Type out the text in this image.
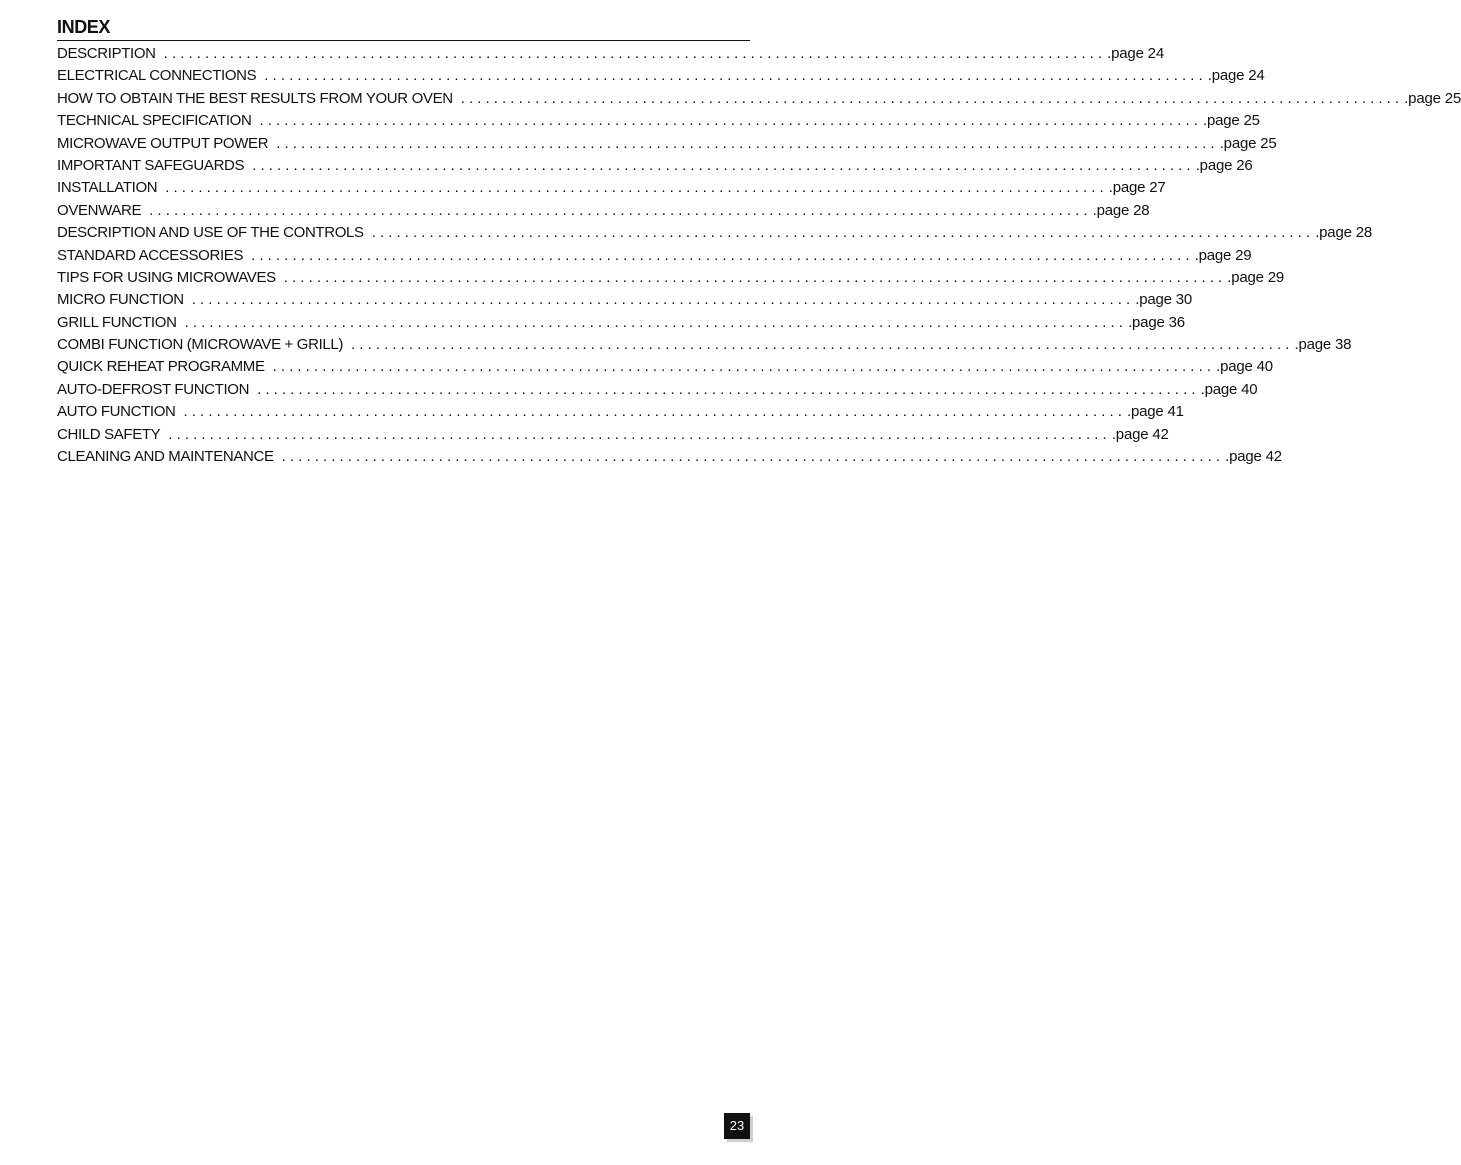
INDEX
DESCRIPTION .................................................................................................................. .page 24
ELECTRICAL CONNECTIONS .................................................................................................................. .page 24
HOW TO OBTAIN THE BEST RESULTS FROM YOUR OVEN .................................................................................................................. .page 25
TECHNICAL SPECIFICATION .................................................................................................................. .page 25
MICROWAVE OUTPUT POWER .................................................................................................................. .page 25
IMPORTANT SAFEGUARDS .................................................................................................................. .page 26
INSTALLATION .................................................................................................................. .page 27
OVENWARE .................................................................................................................. .page 28
DESCRIPTION AND USE OF THE CONTROLS .................................................................................................................. .page 28
STANDARD ACCESSORIES .................................................................................................................. .page 29
TIPS FOR USING MICROWAVES .................................................................................................................. .page 29
MICRO FUNCTION .................................................................................................................. .page 30
GRILL FUNCTION .................................................................................................................. .page 36
COMBI FUNCTION (MICROWAVE + GRILL) .................................................................................................................. .page 38
QUICK REHEAT PROGRAMME .................................................................................................................. .page 40
AUTO-DEFROST FUNCTION .................................................................................................................. .page 40
AUTO FUNCTION .................................................................................................................. .page 41
CHILD SAFETY .................................................................................................................. .page 42
CLEANING AND MAINTENANCE .................................................................................................................. .page 42
23
